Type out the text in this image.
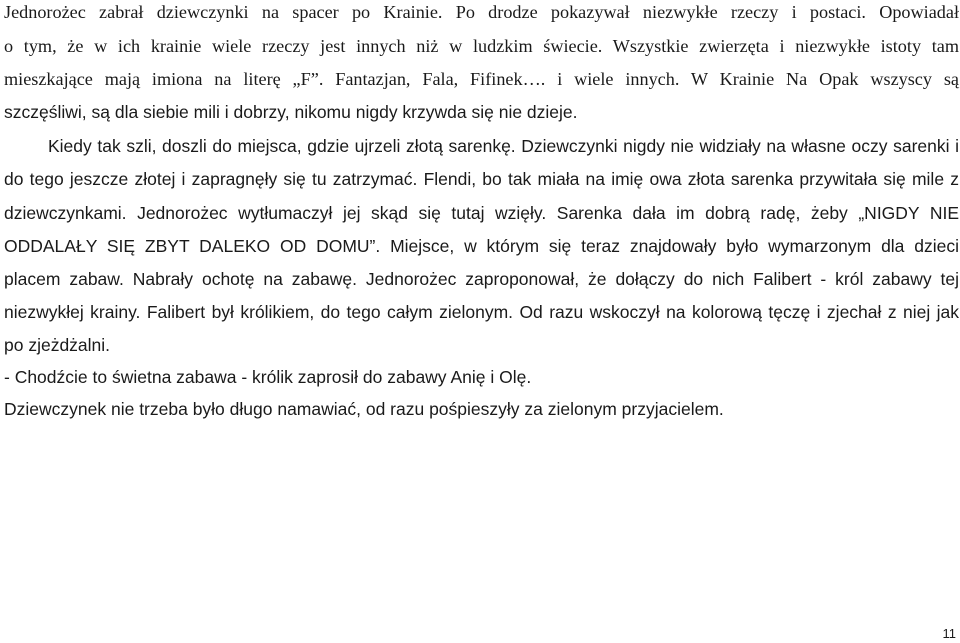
Jednorożec zabrał dziewczynki na spacer po Krainie. Po drodze pokazywał niezwykłe rzeczy i postaci. Opowiadał
o tym, że w ich krainie wiele rzeczy jest innych niż w ludzkim świecie. Wszystkie zwierzęta i niezwykłe istoty tam
mieszkające mają imiona na literę „F”. Fantazjan, Fala, Fifinek…. i wiele innych. W Krainie Na Opak wszyscy są
szczęśliwi, są dla siebie mili i dobrzy, nikomu nigdy krzywda się nie dzieje.
Kiedy tak szli, doszli do miejsca, gdzie ujrzeli złotą sarenkę. Dziewczynki nigdy nie widziały na własne oczy sarenki i
do tego jeszcze złotej i zapragnęły się tu zatrzymać. Flendi, bo tak miała na imię owa złota sarenka przywitała się mile z
dziewczynkami. Jednorożec wytłumaczył jej skąd się tutaj wzięły. Sarenka dała im dobrą radę, żeby „NIGDY NIE
ODDALAŁY SIĘ ZBYT DALEKO OD DOMU”. Miejsce, w którym się teraz znajdowały było wymarzonym dla dzieci
placem zabaw. Nabrały ochotę na zabawę. Jednorożec zaproponował, że dołączy do nich Falibert - król zabawy tej
niezwykłej krainy. Falibert był królikiem, do tego całym zielonym. Od razu wskoczył na kolorową tęczę i zjechał z niej jak
po zjeżdżalni.
- Chodźcie to świetna zabawa - królik zaprosił do zabawy Anię i Olę.
Dziewczynek nie trzeba było długo namawiać, od razu pośpieszyły za zielonym przyjacielem.
11
